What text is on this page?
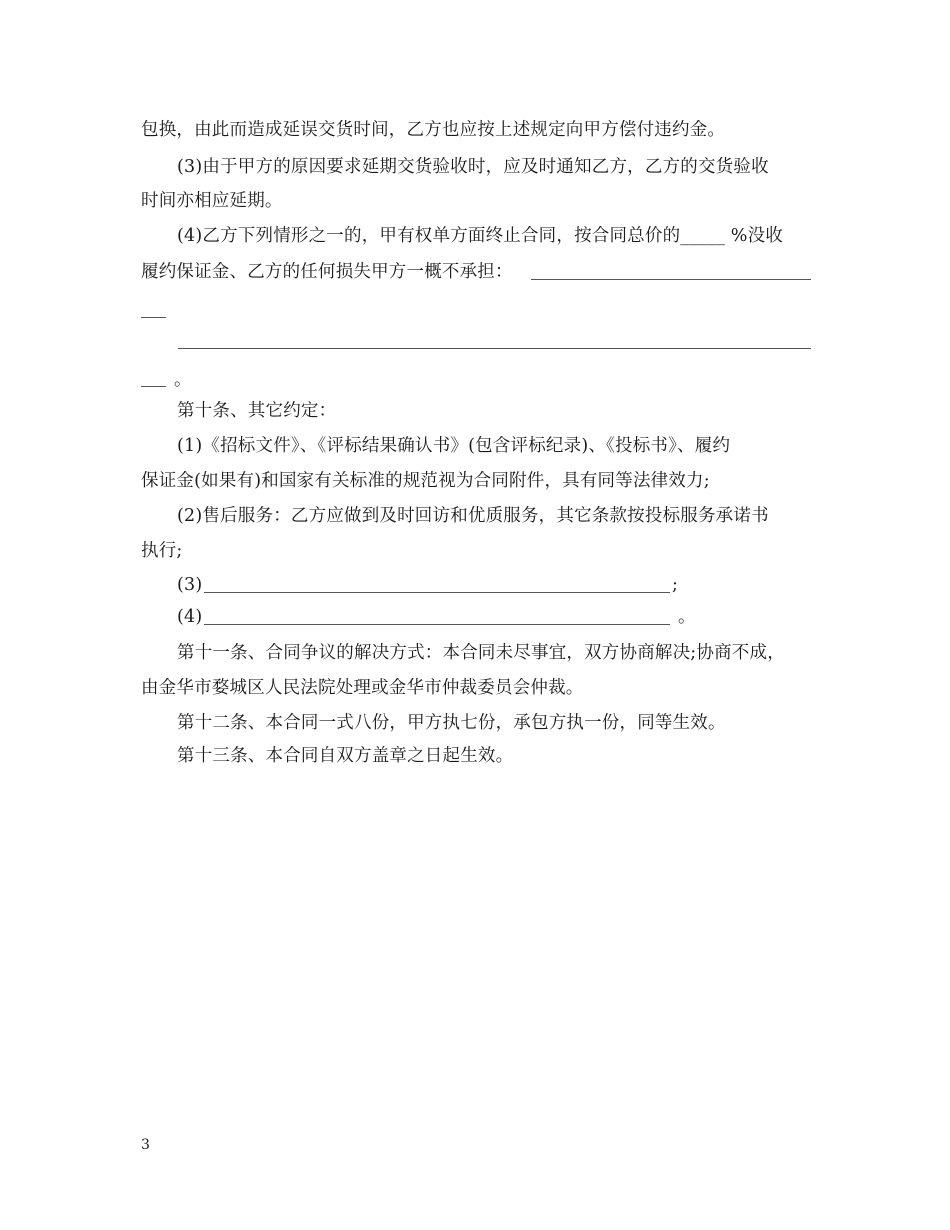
包换，由此而造成延误交货时间，乙方也应按上述规定向甲方偿付违约金。
(3)由于甲方的原因要求延期交货验收时，应及时通知乙方，乙方的交货验收
时间亦相应延期。
(4)乙方下列情形之一的，甲有权单方面终止合同，按合同总价的_____ %没收
履约保证金、乙方的任何损失甲方一概不承担：
。
第十条、其它约定：
(1)《招标文件》、《评标结果确认书》(包含评标纪录)、《投标书》、履约
保证金(如果有)和国家有关标准的规范视为合同附件，具有同等法律效力;
(2)售后服务：乙方应做到及时回访和优质服务，其它条款按投标服务承诺书
执行;
(3)	;
(4)	。
第十一条、合同争议的解决方式：本合同未尽事宜，双方协商解决;协商不成，
由金华市婺城区人民法院处理或金华市仲裁委员会仲裁。
第十二条、本合同一式八份，甲方执七份，承包方执一份，同等生效。
第十三条、本合同自双方盖章之日起生效。
3
